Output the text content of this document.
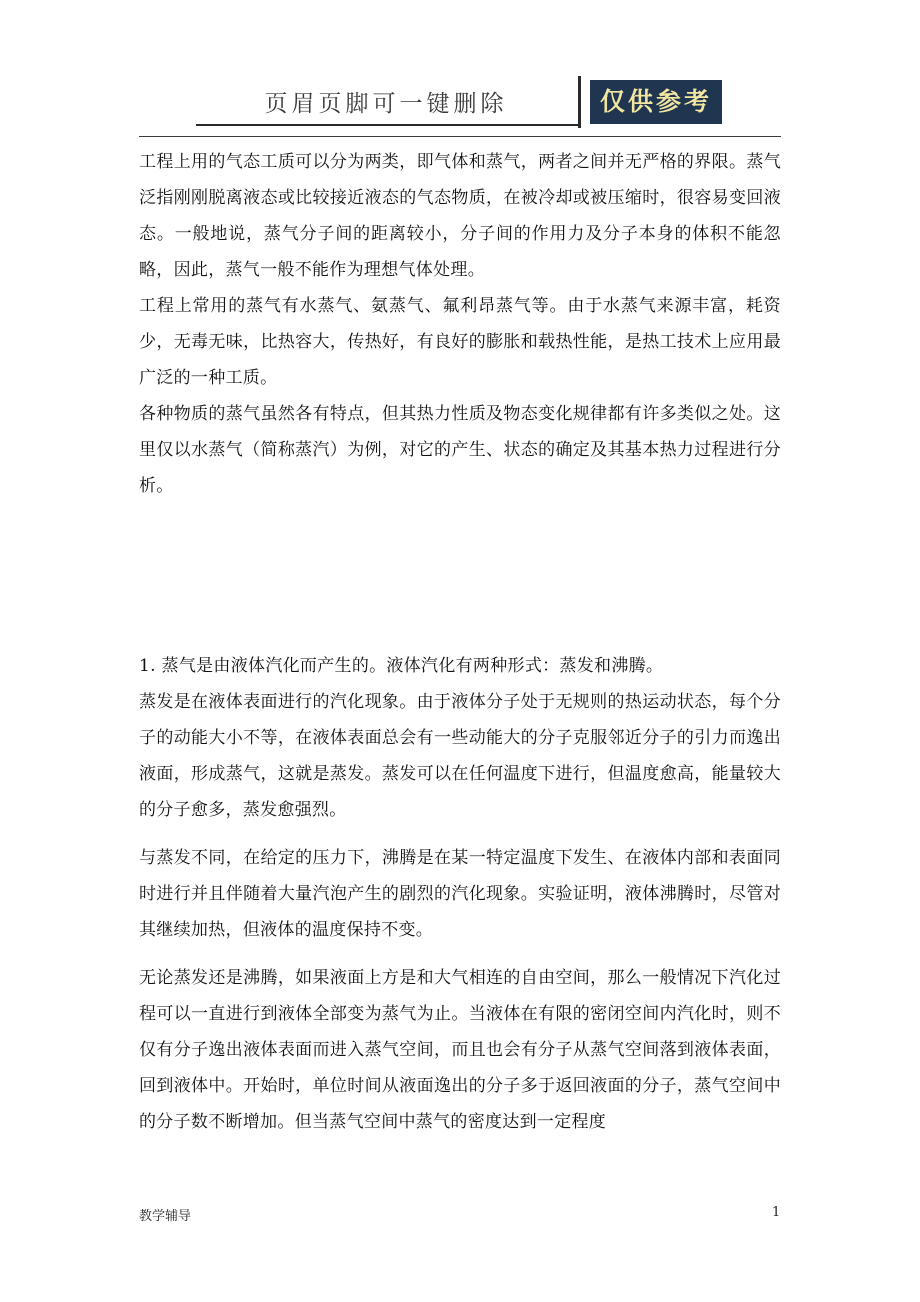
页眉页脚可一键删除	仅供参考

工程上用的气态工质可以分为两类，即气体和蒸气，两者之间并无严格的界限。蒸气泛指刚刚脱离液态或比较接近液态的气态物质，在被冷却或被压缩时，很容易变回液态。一般地说，蒸气分子间的距离较小，分子间的作用力及分子本身的体积不能忽略，因此，蒸气一般不能作为理想气体处理。

工程上常用的蒸气有水蒸气、氨蒸气、氟利昂蒸气等。由于水蒸气来源丰富，耗资少，无毒无味，比热容大，传热好，有良好的膨胀和载热性能，是热工技术上应用最广泛的一种工质。

各种物质的蒸气虽然各有特点，但其热力性质及物态变化规律都有许多类似之处。这里仅以水蒸气（简称蒸汽）为例，对它的产生、状态的确定及其基本热力过程进行分析。

1. 蒸气是由液体汽化而产生的。液体汽化有两种形式：蒸发和沸腾。

蒸发是在液体表面进行的汽化现象。由于液体分子处于无规则的热运动状态，每个分子的动能大小不等，在液体表面总会有一些动能大的分子克服邻近分子的引力而逸出液面，形成蒸气，这就是蒸发。蒸发可以在任何温度下进行，但温度愈高，能量较大的分子愈多，蒸发愈强烈。

与蒸发不同，在给定的压力下，沸腾是在某一特定温度下发生、在液体内部和表面同时进行并且伴随着大量汽泡产生的剧烈的汽化现象。实验证明，液体沸腾时，尽管对其继续加热，但液体的温度保持不变。

无论蒸发还是沸腾，如果液面上方是和大气相连的自由空间，那么一般情况下汽化过程可以一直进行到液体全部变为蒸气为止。当液体在有限的密闭空间内汽化时，则不仅有分子逸出液体表面而进入蒸气空间，而且也会有分子从蒸气空间落到液体表面，回到液体中。开始时，单位时间从液面逸出的分子多于返回液面的分子，蒸气空间中的分子数不断增加。但当蒸气空间中蒸气的密度达到一定程度

教学辅导	1
